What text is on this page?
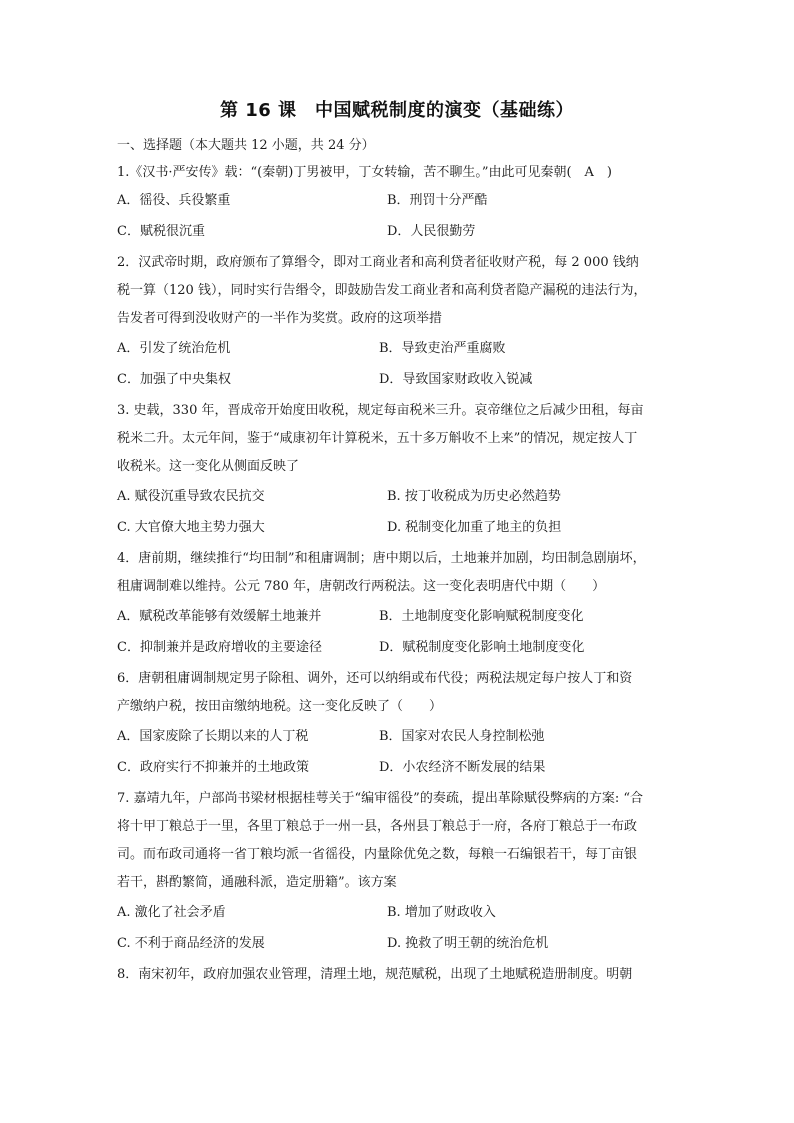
第 16 课　中国赋税制度的演变（基础练）
一、选择题（本大题共 12 小题，共 24 分）

1.《汉书·严安传》载：“(秦朝)丁男被甲，丁女转输，苦不聊生。”由此可见秦朝(　A　)

A．徭役、兵役繁重	B．刑罚十分严酷
C．赋税很沉重	D．人民很勤劳

2．汉武帝时期，政府颁布了算缗令，即对工商业者和高利贷者征收财产税，每 2 000 钱纳

税一算（120 钱），同时实行告缗令，即鼓励告发工商业者和高利贷者隐产漏税的违法行为，

告发者可得到没收财产的一半作为奖赏。政府的这项举措

A．引发了统治危机	B．导致吏治严重腐败
C．加强了中央集权	D．导致国家财政收入锐减

3. 史载，330 年，晋成帝开始度田收税，规定每亩税米三升。哀帝继位之后减少田租，每亩

税米二升。太元年间，鉴于“咸康初年计算税米，五十多万斛收不上来”的情况，规定按人丁

收税米。这一变化从侧面反映了

A. 赋役沉重导致农民抗交	B. 按丁收税成为历史必然趋势
C. 大官僚大地主势力强大	D. 税制变化加重了地主的负担

4．唐前期，继续推行“均田制”和租庸调制；唐中期以后，土地兼并加剧，均田制急剧崩坏，

租庸调制难以维持。公元 780 年，唐朝改行两税法。这一变化表明唐代中期（　　）

A．赋税改革能够有效缓解土地兼并	B．土地制度变化影响赋税制度变化
C．抑制兼并是政府增收的主要途径	D．赋税制度变化影响土地制度变化

6．唐朝租庸调制规定男子除租、调外，还可以纳绢或布代役；两税法规定每户按人丁和资

产缴纳户税，按田亩缴纳地税。这一变化反映了（　　）

A．国家废除了长期以来的人丁税	B．国家对农民人身控制松弛
C．政府实行不抑兼并的土地政策	D．小农经济不断发展的结果

7. 嘉靖九年，户部尚书梁材根据桂萼关于“编审徭役”的奏疏，提出革除赋役弊病的方案: “合

将十甲丁粮总于一里，各里丁粮总于一州一县，各州县丁粮总于一府，各府丁粮总于一布政

司。而布政司通将一省丁粮均派一省徭役，内量除优免之数，每粮一石编银若干，每丁亩银

若干，斟酌繁简，通融科派，造定册籍”。该方案

A. 激化了社会矛盾	B. 增加了财政收入
C. 不利于商品经济的发展	D. 挽救了明王朝的统治危机

8．南宋初年，政府加强农业管理，清理土地，规范赋税，出现了土地赋税造册制度。明朝
